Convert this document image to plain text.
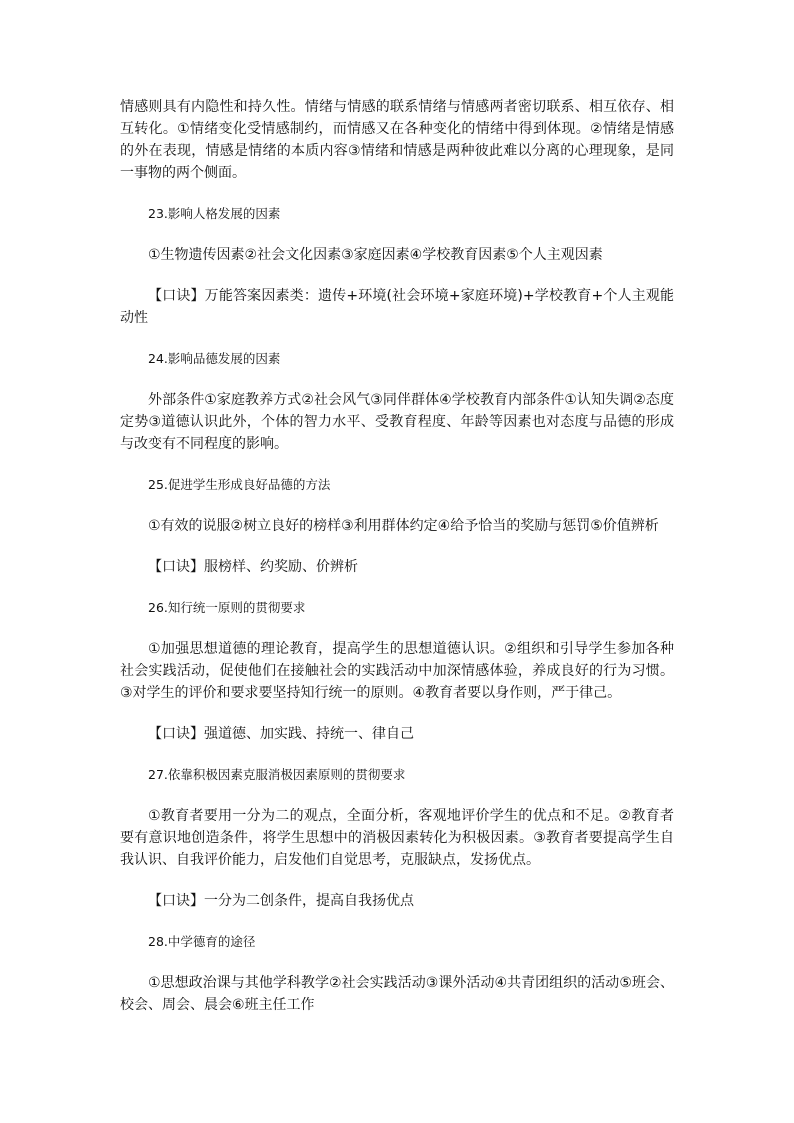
情感则具有内隐性和持久性。情绪与情感的联系情绪与情感两者密切联系、相互依存、相互转化。①情绪变化受情感制约，而情感又在各种变化的情绪中得到体现。②情绪是情感的外在表现，情感是情绪的本质内容③情绪和情感是两种彼此难以分离的心理现象，是同一事物的两个侧面。

23.影响人格发展的因素

①生物遗传因素②社会文化因素③家庭因素④学校教育因素⑤个人主观因素

【口诀】万能答案因素类：遗传+环境(社会环境+家庭环境)+学校教育+个人主观能动性

24.影响品德发展的因素

外部条件①家庭教养方式②社会风气③同伴群体④学校教育内部条件①认知失调②态度定势③道德认识此外，个体的智力水平、受教育程度、年龄等因素也对态度与品德的形成与改变有不同程度的影响。

25.促进学生形成良好品德的方法

①有效的说服②树立良好的榜样③利用群体约定④给予恰当的奖励与惩罚⑤价值辨析

【口诀】服榜样、约奖励、价辨析

26.知行统一原则的贯彻要求

①加强思想道德的理论教育，提高学生的思想道德认识。②组织和引导学生参加各种社会实践活动，促使他们在接触社会的实践活动中加深情感体验，养成良好的行为习惯。③对学生的评价和要求要坚持知行统一的原则。④教育者要以身作则，严于律己。

【口诀】强道德、加实践、持统一、律自己

27.依靠积极因素克服消极因素原则的贯彻要求

①教育者要用一分为二的观点，全面分析，客观地评价学生的优点和不足。②教育者要有意识地创造条件，将学生思想中的消极因素转化为积极因素。③教育者要提高学生自我认识、自我评价能力，启发他们自觉思考，克服缺点，发扬优点。

【口诀】一分为二创条件，提高自我扬优点

28.中学德育的途径

①思想政治课与其他学科教学②社会实践活动③课外活动④共青团组织的活动⑤班会、校会、周会、晨会⑥班主任工作
